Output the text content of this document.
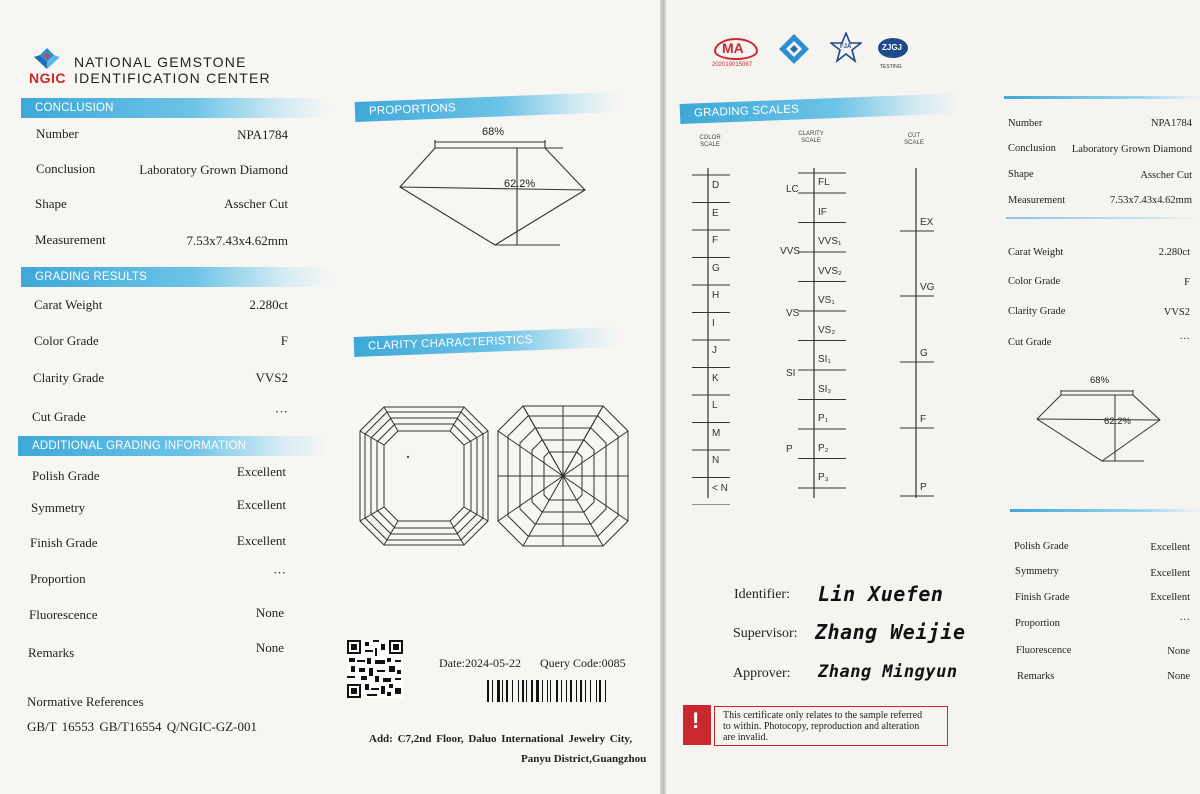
NGIC
NATIONAL GEMSTONE
IDENTIFICATION CENTER
CONCLUSION
GRADING RESULTS
ADDITIONAL GRADING INFORMATION
Number	NPA1784
Conclusion	Laboratory Grown Diamond
Shape	Asscher Cut
Measurement	7.53x7.43x4.62mm
Carat Weight	2.280ct
Color Grade	F
Clarity Grade	VVS2
Cut Grade	···
Polish Grade	Excellent
Symmetry	Excellent
Finish Grade	Excellent
Proportion	···
Fluorescence	None
Remarks	None
Normative References
GB/T 16553 GB/T16554 Q/NGIC-GZ-001
PROPORTIONS
CLARITY CHARACTERISTICS
68%
62.2%
Date:2024-05-22 Query Code:0085
Add: C7,2nd Floor, Daluo International Jewelry City,
Panyu District,Guangzhou
MA
202019015087
FJA	ZJGJ
TESTING
GRADING SCALES
COLOR
SCALE
CLARITY
SCALE
CUT
SCALE
D
E
F
G
H
I
J
K
L
M
N
< N
FL
IF
VVS₁
VVS₂
VS₁
VS₂
SI₁
SI₂
P₁
P₂
P₃
LC
VVS
VS
SI
P
EX
VG
G
F
P
Identifier: Lin Xuefen
Supervisor: Zhang Weijie
Approver: Zhang Mingyun
! This certificate only relates to the sample referred
to within. Photocopy, reproduction and alteration
are invalid.
Number	NPA1784
Conclusion	Laboratory Grown Diamond
Shape	Asscher Cut
Measurement	7.53x7.43x4.62mm
Carat Weight	2.280ct
Color Grade	F
Clarity Grade	VVS2
Cut Grade	···
68%
62.2%
Polish Grade	Excellent
Symmetry	Excellent
Finish Grade	Excellent
Proportion	···
Fluorescence	None
Remarks	None
